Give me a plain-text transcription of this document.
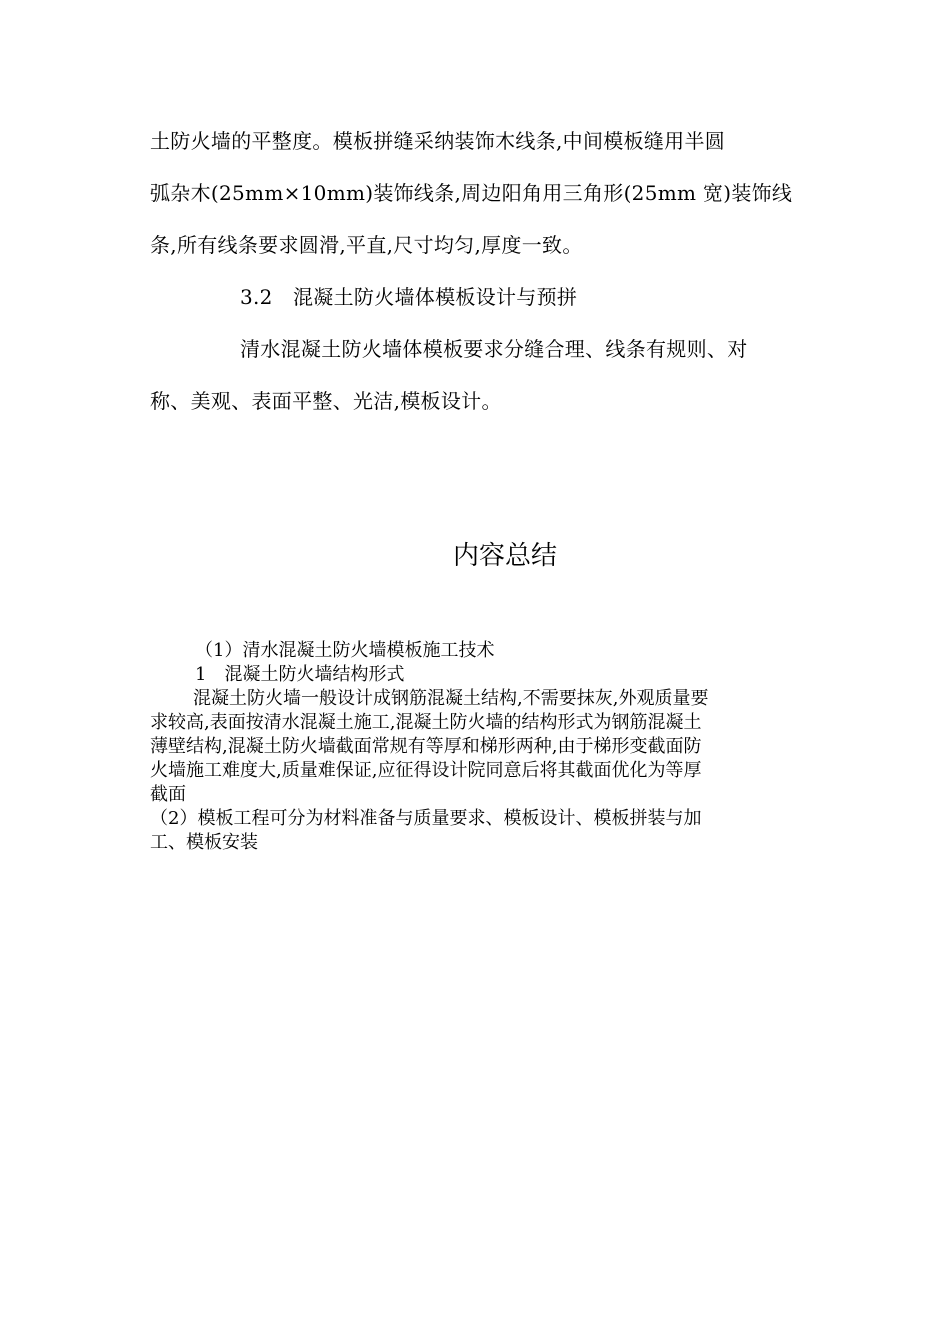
土防火墙的平整度。模板拼缝采纳装饰木线条,中间模板缝用半圆
弧杂木(25mm×10mm)装饰线条,周边阳角用三角形(25mm 宽)装饰线
条,所有线条要求圆滑,平直,尺寸均匀,厚度一致。
3.2　混凝土防火墙体模板设计与预拼
清水混凝土防火墙体模板要求分缝合理、线条有规则、对
称、美观、表面平整、光洁,模板设计。
内容总结
（1）清水混凝土防火墙模板施工技术
1　混凝土防火墙结构形式
混凝土防火墙一般设计成钢筋混凝土结构,不需要抹灰,外观质量要
求较高,表面按清水混凝土施工,混凝土防火墙的结构形式为钢筋混凝土
薄壁结构,混凝土防火墙截面常规有等厚和梯形两种,由于梯形变截面防
火墙施工难度大,质量难保证,应征得设计院同意后将其截面优化为等厚
截面
（2）模板工程可分为材料准备与质量要求、模板设计、模板拼装与加
工、模板安装
